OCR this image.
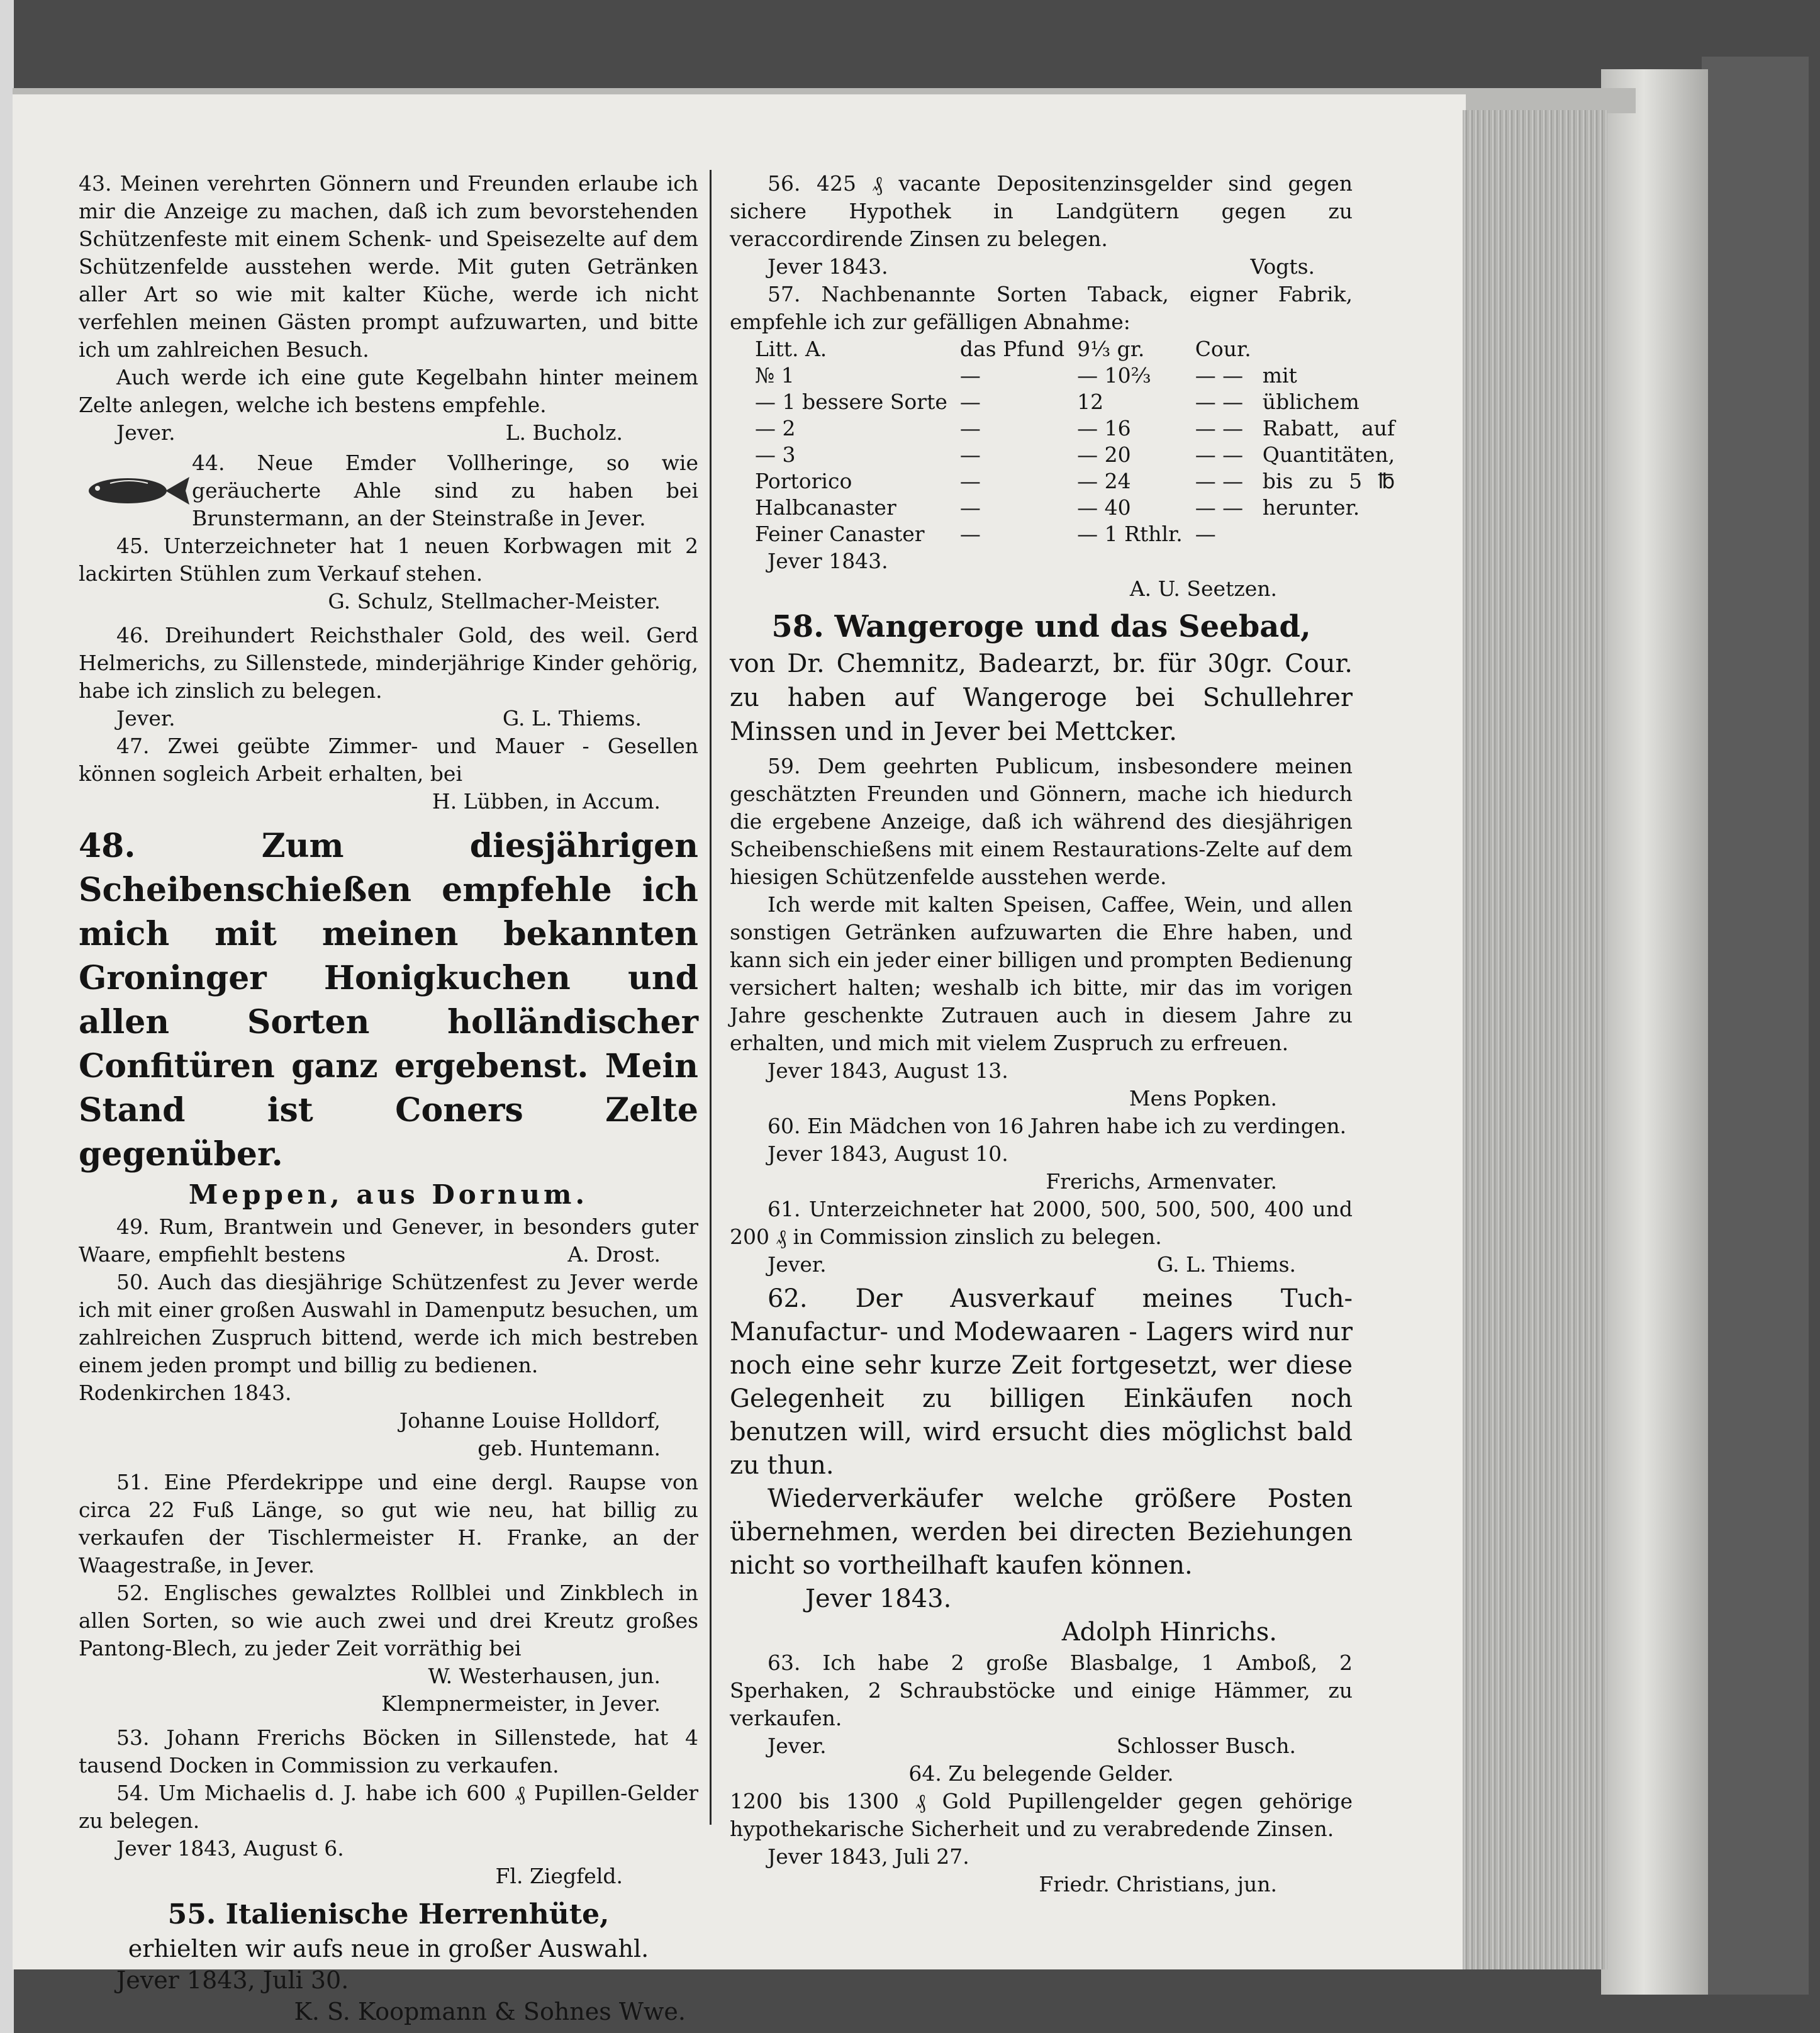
43. Meinen verehrten Gönnern und Freunden erlaube ich mir die Anzeige zu machen, daß ich zum bevorstehenden Schützenfeste mit einem Schenk- und Speisezelte auf dem Schützenfelde ausstehen werde. Mit guten Getränken aller Art so wie mit kalter Küche, werde ich nicht verfehlen meinen Gästen prompt aufzuwarten, und bitte ich um zahlreichen Besuch.

Auch werde ich eine gute Kegelbahn hinter meinem Zelte anlegen, welche ich bestens empfehle.

Jever.	L. Bucholz.

44. Neue Emder Vollheringe, so wie geräucherte Ahle sind zu haben bei Brunstermann, an der Steinstraße in Jever.

45. Unterzeichneter hat 1 neuen Korbwagen mit 2 lackirten Stühlen zum Verkauf stehen.

G. Schulz, Stellmacher-Meister.

46. Dreihundert Reichsthaler Gold, des weil. Gerd Helmerichs, zu Sillenstede, minderjährige Kinder gehörig, habe ich zinslich zu belegen.

Jever.	G. L. Thiems.

47. Zwei geübte Zimmer- und Mauer - Gesellen können sogleich Arbeit erhalten, bei

H. Lübben, in Accum.

48. Zum diesjährigen Scheibenschießen empfehle ich mich mit meinen bekannten Groninger Honigkuchen und allen Sorten holländischer Confitüren ganz ergebenst. Mein Stand ist Coners Zelte gegenüber.

Meppen, aus Dornum.

49. Rum, Brantwein und Genever, in besonders guter Waare, empfiehlt bestens	A. Drost.

50. Auch das diesjährige Schützenfest zu Jever werde ich mit einer großen Auswahl in Damenputz besuchen, um zahlreichen Zuspruch bittend, werde ich mich bestreben einem jeden prompt und billig zu bedienen.

Rodenkirchen 1843.

Johanne Louise Holldorf,

geb. Huntemann.

51. Eine Pferdekrippe und eine dergl. Raupse von circa 22 Fuß Länge, so gut wie neu, hat billig zu verkaufen der Tischlermeister H. Franke, an der Waagestraße, in Jever.

52. Englisches gewalztes Rollblei und Zinkblech in allen Sorten, so wie auch zwei und drei Kreutz großes Pantong-Blech, zu jeder Zeit vorräthig bei

W. Westerhausen, jun.

Klempnermeister, in Jever.

53. Johann Frerichs Böcken in Sillenstede, hat 4 tausend Docken in Commission zu verkaufen.

54. Um Michaelis d. J. habe ich 600 ₰ Pupillen-Gelder zu belegen.

Jever 1843, August 6.

Fl. Ziegfeld.

55. Italienische Herrenhüte,

erhielten wir aufs neue in großer Auswahl.

Jever 1843, Juli 30.

K. S. Koopmann & Sohnes Wwe.

56. 425 ₰ vacante Depositenzinsgelder sind gegen sichere Hypothek in Landgütern gegen zu veraccordirende Zinsen zu belegen.

Jever 1843.	Vogts.

57. Nachbenannte Sorten Taback, eigner Fabrik, empfehle ich zur gefälligen Abnahme:

Litt. A.	das Pfund	9⅓ gr.	Cour.
№ 1	—	— 10⅔	— —
— 1 bessere Sorte	—	12	— —
— 2	—	— 16	— —
— 3	—	— 20	— —
Portorico	—	— 24	— —
Halbcanaster	—	— 40	— —
Feiner Canaster	—	— 1 Rthlr.	—

mit üblichem Rabatt, auf Quantitäten, bis zu 5 ℔ herunter.

Jever 1843.

A. U. Seetzen.

58. Wangeroge und das Seebad,

von Dr. Chemnitz, Badearzt, br. für 30gr. Cour. zu haben auf Wangeroge bei Schullehrer Minssen und in Jever bei Mettcker.

59. Dem geehrten Publicum, insbesondere meinen geschätzten Freunden und Gönnern, mache ich hiedurch die ergebene Anzeige, daß ich während des diesjährigen Scheibenschießens mit einem Restaurations-Zelte auf dem hiesigen Schützenfelde ausstehen werde.

Ich werde mit kalten Speisen, Caffee, Wein, und allen sonstigen Getränken aufzuwarten die Ehre haben, und kann sich ein jeder einer billigen und prompten Bedienung versichert halten; weshalb ich bitte, mir das im vorigen Jahre geschenkte Zutrauen auch in diesem Jahre zu erhalten, und mich mit vielem Zuspruch zu erfreuen.

Jever 1843, August 13.

Mens Popken.

60. Ein Mädchen von 16 Jahren habe ich zu verdingen.

Jever 1843, August 10.

Frerichs, Armenvater.

61. Unterzeichneter hat 2000, 500, 500, 500, 400 und 200 ₰ in Commission zinslich zu belegen.

Jever.	G. L. Thiems.

62. Der Ausverkauf meines Tuch- Manufactur- und Modewaaren - Lagers wird nur noch eine sehr kurze Zeit fortgesetzt, wer diese Gelegenheit zu billigen Einkäufen noch benutzen will, wird ersucht dies möglichst bald zu thun.

Wiederverkäufer welche größere Posten übernehmen, werden bei directen Beziehungen nicht so vortheilhaft kaufen können.

Jever 1843.

Adolph Hinrichs.

63. Ich habe 2 große Blasbalge, 1 Amboß, 2 Sperhaken, 2 Schraubstöcke und einige Hämmer, zu verkaufen.

Jever.	Schlosser Busch.

64. Zu belegende Gelder.

1200 bis 1300 ₰ Gold Pupillengelder gegen gehörige hypothekarische Sicherheit und zu verabredende Zinsen.

Jever 1843, Juli 27.

Friedr. Christians, jun.
